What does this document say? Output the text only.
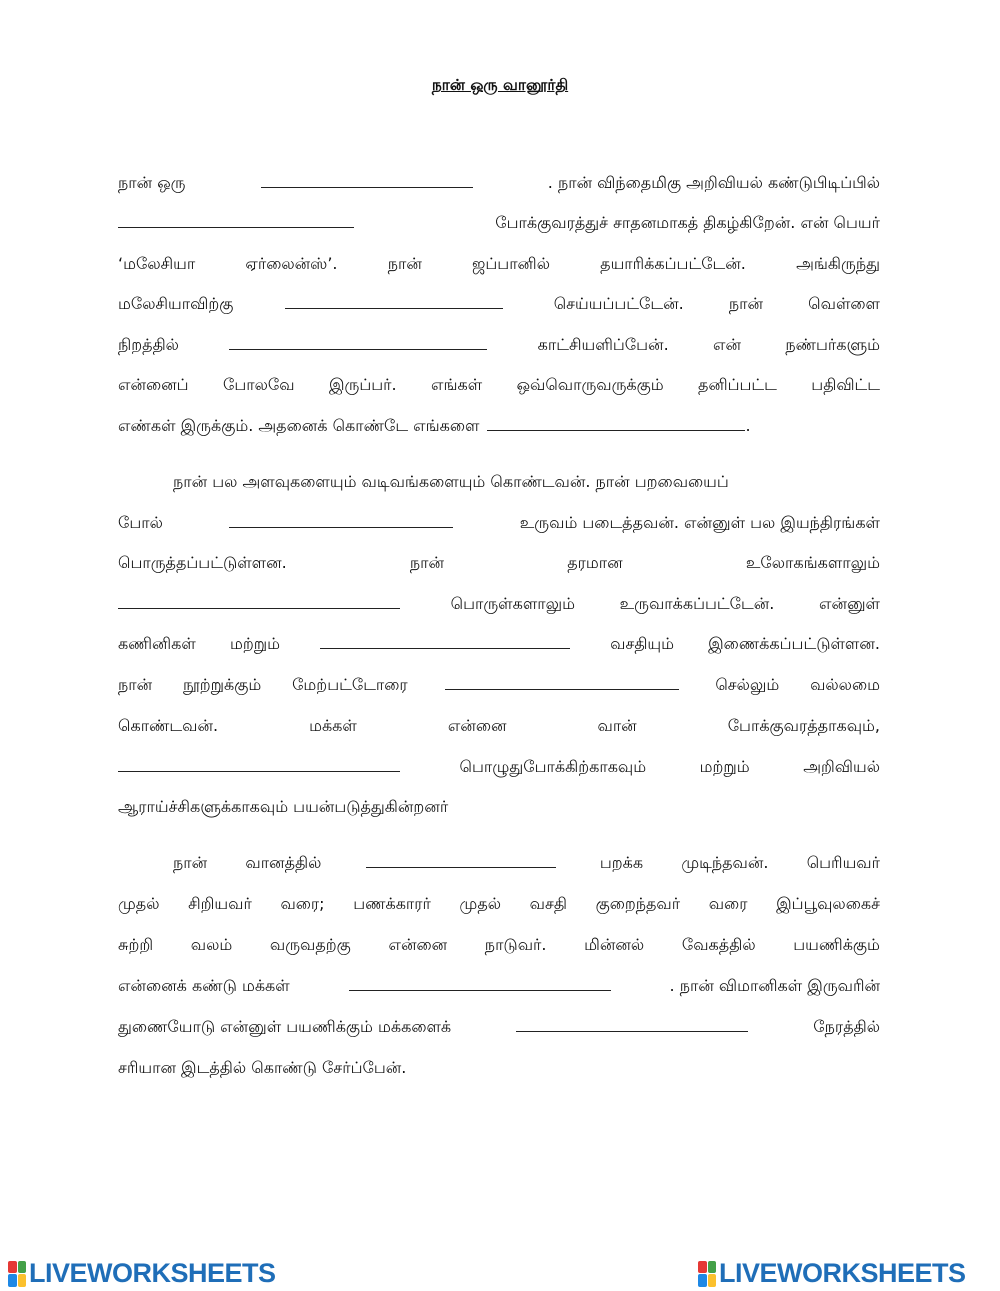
நான் ஒரு வானூர்தி
நான் ஒரு	. நான் விந்தைமிகு அறிவியல் கண்டுபிடிப்பில்
போக்குவரத்துச் சாதனமாகத் திகழ்கிறேன். என் பெயர்
‘மலேசியா	ஏர்லைன்ஸ்’.	நான்	ஜப்பானில்	தயாரிக்கப்பட்டேன்.	அங்கிருந்து
மலேசியாவிற்கு	செய்யப்பட்டேன்.	நான்	வெள்ளை
நிறத்தில்	காட்சியளிப்பேன்.	என்	நண்பர்களும்
என்னைப் போலவே இருப்பர். எங்கள் ஒவ்வொருவருக்கும் தனிப்பட்ட பதிவிட்ட
எண்கள் இருக்கும். அதனைக் கொண்டே எங்களை	.
நான் பல அளவுகளையும் வடிவங்களையும் கொண்டவன். நான் பறவையைப்
போல்	உருவம் படைத்தவன். என்னுள் பல இயந்திரங்கள்
பொருத்தப்பட்டுள்ளன.	நான்	தரமான	உலோகங்களாலும்
பொருள்களாலும்	உருவாக்கப்பட்டேன்.	என்னுள்
கணினிகள் மற்றும்	வசதியும் இணைக்கப்பட்டுள்ளன.
நான் நூற்றுக்கும் மேற்பட்டோரை	செல்லும் வல்லமை
கொண்டவன்.	மக்கள்	என்னை	வான்	போக்குவரத்தாகவும்,
பொழுதுபோக்கிற்காகவும்	மற்றும்	அறிவியல்
ஆராய்ச்சிகளுக்காகவும் பயன்படுத்துகின்றனர்
நான் வானத்தில்	பறக்க முடிந்தவன். பெரியவர்
முதல் சிறியவர் வரை; பணக்காரர் முதல் வசதி குறைந்தவர் வரை இப்பூவுலகைச்
சுற்றி வலம் வருவதற்கு என்னை நாடுவர். மின்னல் வேகத்தில் பயணிக்கும்
என்னைக் கண்டு மக்கள்	. நான் விமானிகள் இருவரின்
துணையோடு என்னுள் பயணிக்கும் மக்களைக்	நேரத்தில்
சரியான இடத்தில் கொண்டு சேர்ப்பேன்.
LIVEWORKSHEETS	LIVEWORKSHEETS
